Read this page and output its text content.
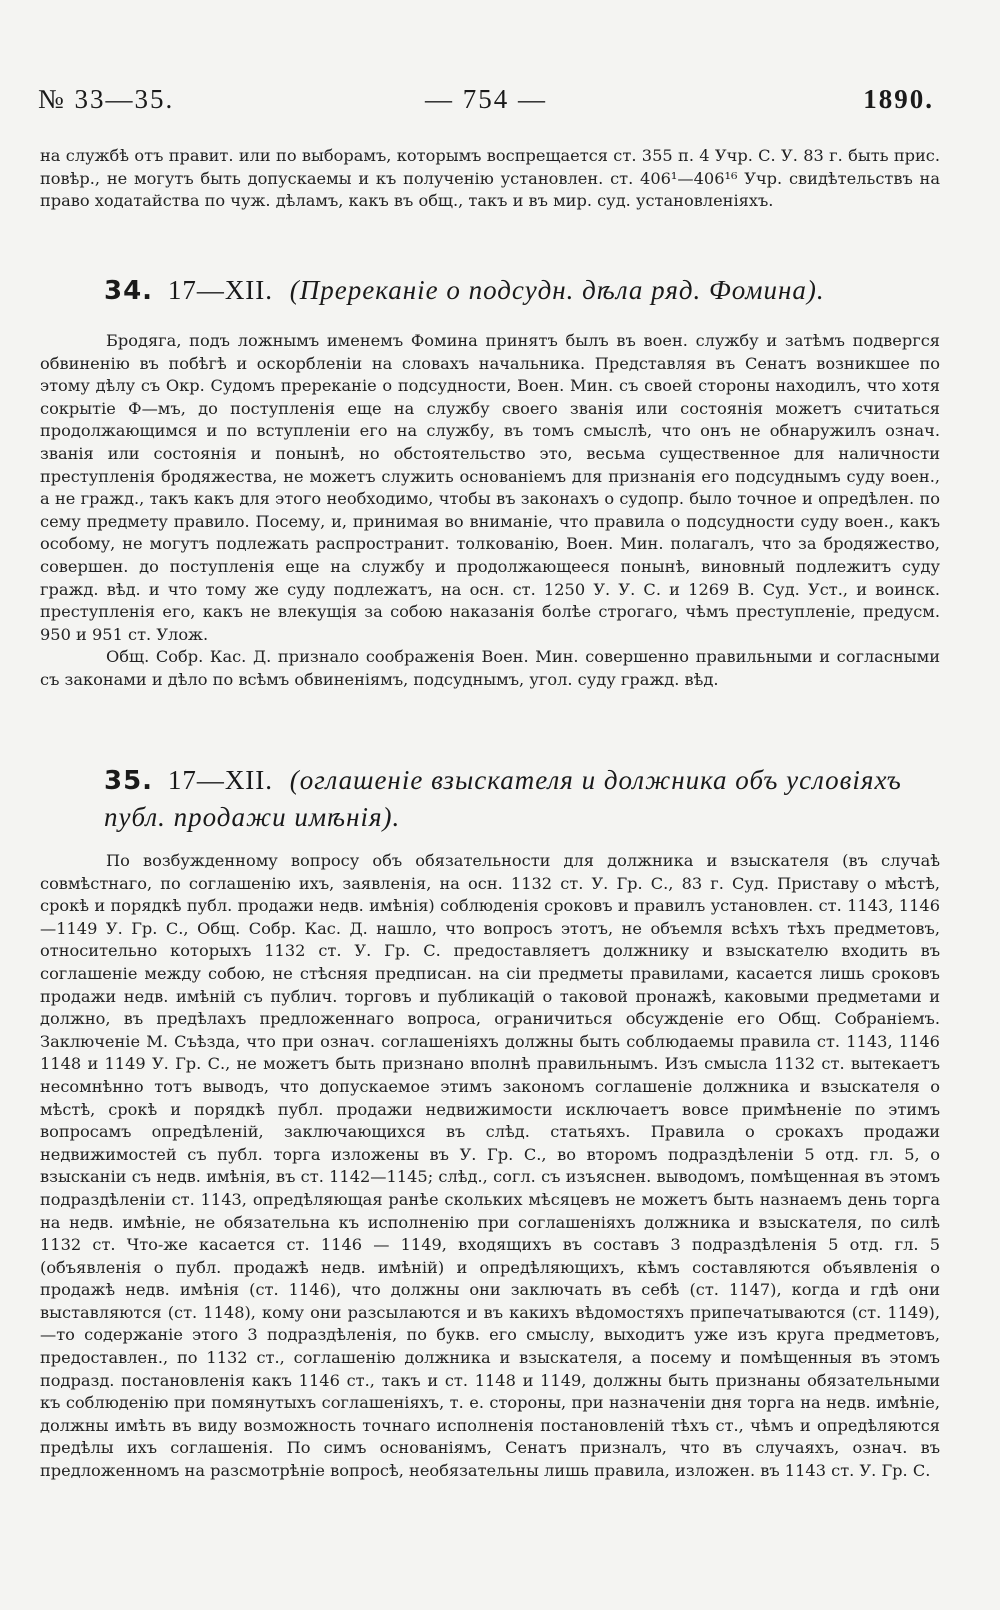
№ 33—35.	— 754 —	1890.

на службѣ отъ правит. или по выборамъ, которымъ воспрещается ст. 355 п. 4 Учр. С. У. 83 г. быть прис. повѣр., не могутъ быть допускаемы и къ полученію установлен. ст. 406¹—406¹⁶ Учр. свидѣтельствъ на право ходатайства по чуж. дѣламъ, какъ въ общ., такъ и въ мир. суд. установленіяхъ.

34. 17—XII. (Пререканіе о подсудн. дѣла ряд. Фомина).

Бродяга, подъ ложнымъ именемъ Фомина принятъ былъ въ воен. службу и затѣмъ подвергся обвиненію въ побѣгѣ и оскорбленіи на словахъ начальника. Представляя въ Сенатъ возникшее по этому дѣлу съ Окр. Судомъ пререканіе о подсудности, Воен. Мин. съ своей стороны находилъ, что хотя сокрытіе Ф—мъ, до поступленія еще на службу своего званія или состоянія можетъ считаться продолжающимся и по вступленіи его на службу, въ томъ смыслѣ, что онъ не обнаружилъ означ. званія или состоянія и понынѣ, но обстоятельство это, весьма существенное для наличности преступленія бродяжества, не можетъ служить основаніемъ для признанія его подсуднымъ суду воен., а не гражд., такъ какъ для этого необходимо, чтобы въ законахъ о судопр. было точное и опредѣлен. по сему предмету правило. Посему, и, принимая во вниманіе, что правила о подсудности суду воен., какъ особому, не могутъ подлежать распространит. толкованію, Воен. Мин. полагалъ, что за бродяжество, совершен. до поступленія еще на службу и продолжающееся понынѣ, виновный подлежитъ суду гражд. вѣд. и что тому же суду подлежатъ, на осн. ст. 1250 У. У. С. и 1269 В. Суд. Уст., и воинск. преступленія его, какъ не влекущія за собою наказанія болѣе строгаго, чѣмъ преступленіе, предусм. 950 и 951 ст. Улож.

Общ. Собр. Кас. Д. признало соображенія Воен. Мин. совершенно правильными и согласными съ законами и дѣло по всѣмъ обвиненіямъ, подсуднымъ, угол. суду гражд. вѣд.

35. 17—XII. (оглашеніе взыскателя и должника объ условіяхъ публ. продажи имѣнія).

По возбужденному вопросу объ обязательности для должника и взыскателя (въ случаѣ совмѣстнаго, по соглашенію ихъ, заявленія, на осн. 1132 ст. У. Гр. С., 83 г. Суд. Приставу о мѣстѣ, срокѣ и порядкѣ публ. продажи недв. имѣнія) соблюденія сроковъ и правилъ установлен. ст. 1143, 1146—1149 У. Гр. С., Общ. Собр. Кас. Д. нашло, что вопросъ этотъ, не объемля всѣхъ тѣхъ предметовъ, относительно которыхъ 1132 ст. У. Гр. С. предоставляетъ должнику и взыскателю входить въ соглашеніе между собою, не стѣсняя предписан. на сіи предметы правилами, касается лишь сроковъ продажи недв. имѣній съ публич. торговъ и публикацій о таковой пронажѣ, каковыми предметами и должно, въ предѣлахъ предложеннаго вопроса, ограничиться обсужденіе его Общ. Собраніемъ. Заключеніе М. Съѣзда, что при означ. соглашеніяхъ должны быть соблюдаемы правила ст. 1143, 1146 1148 и 1149 У. Гр. С., не можетъ быть признано вполнѣ правильнымъ. Изъ смысла 1132 ст. вытекаетъ несомнѣнно тотъ выводъ, что допускаемое этимъ закономъ соглашеніе должника и взыскателя о мѣстѣ, срокѣ и порядкѣ публ. продажи недвижимости исключаетъ вовсе примѣненіе по этимъ вопросамъ опредѣленій, заключающихся въ слѣд. статьяхъ. Правила о срокахъ продажи недвижимостей съ публ. торга изложены въ У. Гр. С., во второмъ подраздѣленіи 5 отд. гл. 5, о взысканіи съ недв. имѣнія, въ ст. 1142—1145; слѣд., согл. съ изъяснен. выводомъ, помѣщенная въ этомъ подраздѣленіи ст. 1143, опредѣляющая ранѣе скольких мѣсяцевъ не можетъ быть назнаемъ день торга на недв. имѣніе, не обязательна къ исполненію при соглашеніяхъ должника и взыскателя, по силѣ 1132 ст. Что-же касается ст. 1146 — 1149, входящихъ въ составъ 3 подраздѣленія 5 отд. гл. 5 (объявленія о публ. продажѣ недв. имѣній) и опредѣляющихъ, кѣмъ составляются объявленія о продажѣ недв. имѣнія (ст. 1146), что должны они заключать въ себѣ (ст. 1147), когда и гдѣ они выставляются (ст. 1148), кому они разсылаются и въ какихъ вѣдомостяхъ припечатываются (ст. 1149),—то содержаніе этого 3 подраздѣленія, по букв. его смыслу, выходитъ уже изъ круга предметовъ, предоставлен., по 1132 ст., соглашенію должника и взыскателя, а посему и помѣщенныя въ этомъ подразд. постановленія какъ 1146 ст., такъ и ст. 1148 и 1149, должны быть признаны обязательными къ соблюденію при помянутыхъ соглашеніяхъ, т. е. стороны, при назначеніи дня торга на недв. имѣніе, должны имѣть въ виду возможность точнаго исполненія постановленій тѣхъ ст., чѣмъ и опредѣляются предѣлы ихъ соглашенія. По симъ основаніямъ, Сенатъ призналъ, что въ случаяхъ, означ. въ предложенномъ на разсмотрѣніе вопросѣ, необязательны лишь правила, изложен. въ 1143 ст. У. Гр. С.
